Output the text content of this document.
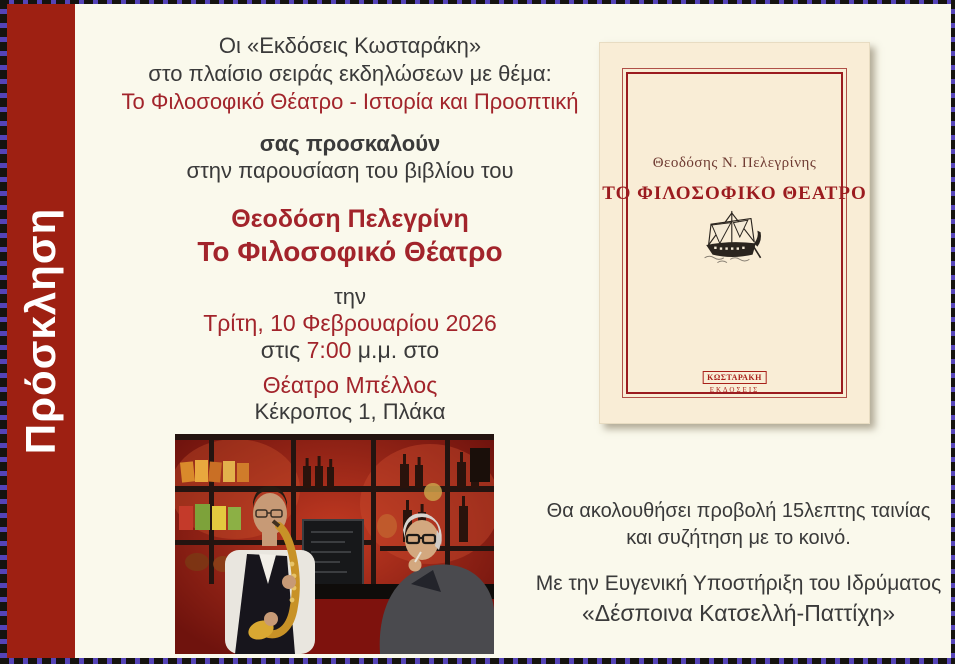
Πρόσκληση
Οι «Εκδόσεις Κωσταράκη»
στο πλαίσιο σειράς εκδηλώσεων με θέμα:
Το Φιλοσοφικό Θέατρο - Ιστορία και Προοπτική
σας προσκαλούν
στην παρουσίαση του βιβλίου του
Θεοδόση Πελεγρίνη
Το Φιλοσοφικό Θέατρο
την
Τρίτη, 10 Φεβρουαρίου 2026
στις 7:00 μ.μ. στο
Θέατρο Μπέλλος
Κέκροπος 1, Πλάκα
Θεοδόσης Ν. Πελεγρίνης
ΤΟ ΦΙΛΟΣΟΦΙΚΟ ΘΕΑΤΡΟ
ΚΩΣΤΑΡΑΚΗ
ΕΚΔΟΣΕΙΣ
Θα ακολουθήσει προβολή 15λεπτης ταινίας
και συζήτηση με το κοινό.
Με την Ευγενική Υποστήριξη του Ιδρύματος
«Δέσποινα Κατσελλή-Παττίχη»
